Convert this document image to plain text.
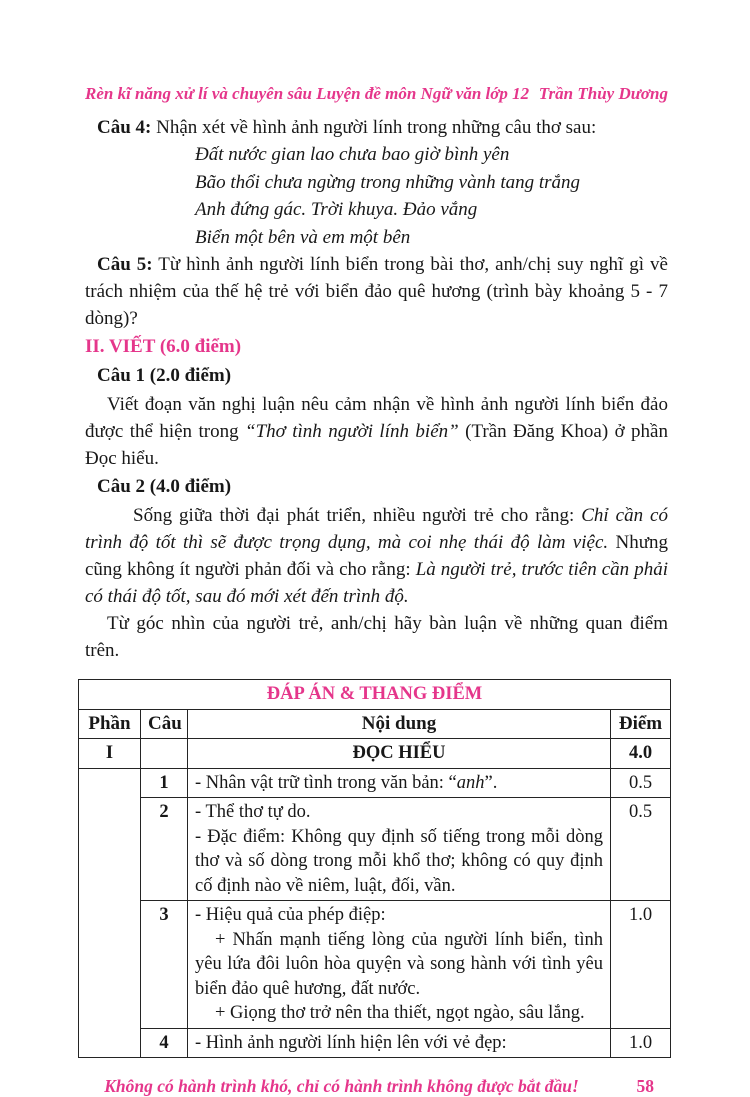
Rèn kĩ năng xử lí và chuyên sâu Luyện đề môn Ngữ văn lớp 12 Trần Thùy Dương

Câu 4: Nhận xét về hình ảnh người lính trong những câu thơ sau:

Đất nước gian lao chưa bao giờ bình yên

Bão thổi chưa ngừng trong những vành tang trắng

Anh đứng gác. Trời khuya. Đảo vắng

Biển một bên và em một bên

Câu 5: Từ hình ảnh người lính biển trong bài thơ, anh/chị suy nghĩ gì về trách nhiệm của thế hệ trẻ với biển đảo quê hương (trình bày khoảng 5 - 7 dòng)?

II. VIẾT (6.0 điểm)

Câu 1 (2.0 điểm)

Viết đoạn văn nghị luận nêu cảm nhận về hình ảnh người lính biển đảo được thể hiện trong “Thơ tình người lính biển” (Trần Đăng Khoa) ở phần Đọc hiểu.

Câu 2 (4.0 điểm)

Sống giữa thời đại phát triển, nhiều người trẻ cho rằng: Chỉ cần có trình độ tốt thì sẽ được trọng dụng, mà coi nhẹ thái độ làm việc. Nhưng cũng không ít người phản đối và cho rằng: Là người trẻ, trước tiên cần phải có thái độ tốt, sau đó mới xét đến trình độ.

Từ góc nhìn của người trẻ, anh/chị hãy bàn luận về những quan điểm trên.

ĐÁP ÁN & THANG ĐIỂM			
Phần	Câu	Nội dung	Điểm
I		ĐỌC HIỂU	4.0
	1	- Nhân vật trữ tình trong văn bản: “anh”.	0.5
	2	- Thể thơ tự do.

- Đặc điểm: Không quy định số tiếng trong mỗi dòng thơ và số dòng trong mỗi khổ thơ; không có quy định cố định nào về niêm, luật, đối, vần.	0.5
	3	- Hiệu quả của phép điệp:

+ Nhấn mạnh tiếng lòng của người lính biển, tình yêu lứa đôi luôn hòa quyện và song hành với tình yêu biển đảo quê hương, đất nước.

+ Giọng thơ trở nên tha thiết, ngọt ngào, sâu lắng.	1.0
	4	- Hình ảnh người lính hiện lên với vẻ đẹp:	1.0
Không có hành trình khó, chỉ có hành trình không được bắt đầu!	58
